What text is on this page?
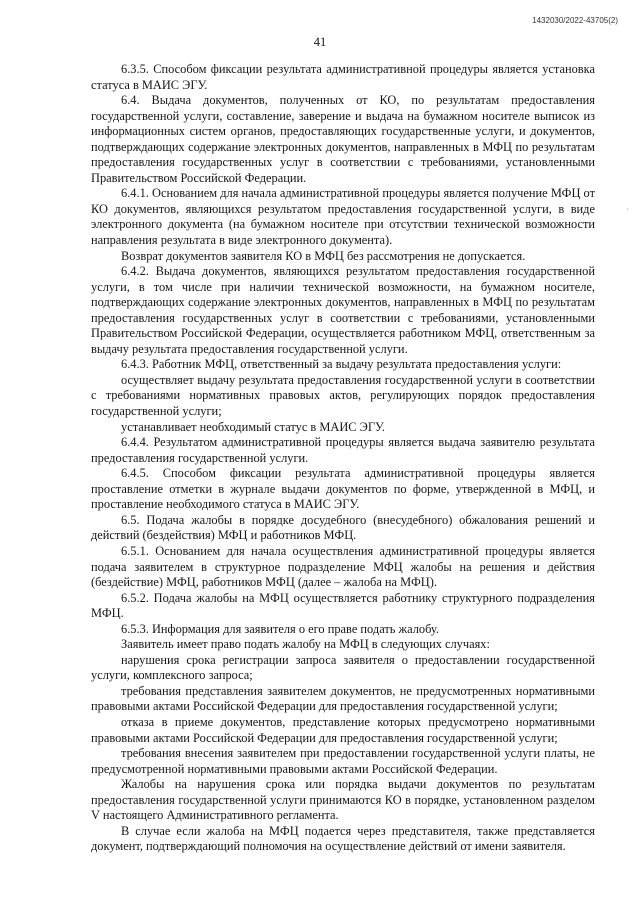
1432030/2022-43705(2)
41
·

6.3.5. Способом фиксации результата административной процедуры является установка статуса в МАИС ЭГУ.

6.4. Выдача документов, полученных от КО, по результатам предоставления государственной услуги, составление, заверение и выдача на бумажном носителе выписок из информационных систем органов, предоставляющих государственные услуги, и документов, подтверждающих содержание электронных документов, направленных в МФЦ по результатам предоставления государственных услуг в соответствии с требованиями, установленными Правительством Российской Федерации.

6.4.1. Основанием для начала административной процедуры является получение МФЦ от КО документов, являющихся результатом предоставления государственной услуги, в виде электронного документа (на бумажном носителе при отсутствии технической возможности направления результата в виде электронного документа).

Возврат документов заявителя КО в МФЦ без рассмотрения не допускается.

6.4.2. Выдача документов, являющихся результатом предоставления государственной услуги, в том числе при наличии технической возможности, на бумажном носителе, подтверждающих содержание электронных документов, направленных в МФЦ по результатам предоставления государственных услуг в соответствии с требованиями, установленными Правительством Российской Федерации, осуществляется работником МФЦ, ответственным за выдачу результата предоставления государственной услуги.

6.4.3. Работник МФЦ, ответственный за выдачу результата предоставления услуги:

осуществляет выдачу результата предоставления государственной услуги в соответствии с требованиями нормативных правовых актов, регулирующих порядок предоставления государственной услуги;

устанавливает необходимый статус в МАИС ЭГУ.

6.4.4. Результатом административной процедуры является выдача заявителю результата предоставления государственной услуги.

6.4.5. Способом фиксации результата административной процедуры является проставление отметки в журнале выдачи документов по форме, утвержденной в МФЦ, и проставление необходимого статуса в МАИС ЭГУ.

6.5. Подача жалобы в порядке досудебного (внесудебного) обжалования решений и действий (бездействия) МФЦ и работников МФЦ.

6.5.1. Основанием для начала осуществления административной процедуры является подача заявителем в структурное подразделение МФЦ жалобы на решения и действия (бездействие) МФЦ, работников МФЦ (далее – жалоба на МФЦ).

6.5.2. Подача жалобы на МФЦ осуществляется работнику структурного подразделения МФЦ.

6.5.3. Информация для заявителя о его праве подать жалобу.

Заявитель имеет право подать жалобу на МФЦ в следующих случаях:

нарушения срока регистрации запроса заявителя о предоставлении государственной услуги, комплексного запроса;

требования представления заявителем документов, не предусмотренных нормативными правовыми актами Российской Федерации для предоставления государственной услуги;

отказа в приеме документов, представление которых предусмотрено нормативными правовыми актами Российской Федерации для предоставления государственной услуги;

требования внесения заявителем при предоставлении государственной услуги платы, не предусмотренной нормативными правовыми актами Российской Федерации.

Жалобы на нарушения срока или порядка выдачи документов по результатам предоставления государственной услуги принимаются КО в порядке, установленном разделом V настоящего Административного регламента.

В случае если жалоба на МФЦ подается через представителя, также представляется документ, подтверждающий полномочия на осуществление действий от имени заявителя.
